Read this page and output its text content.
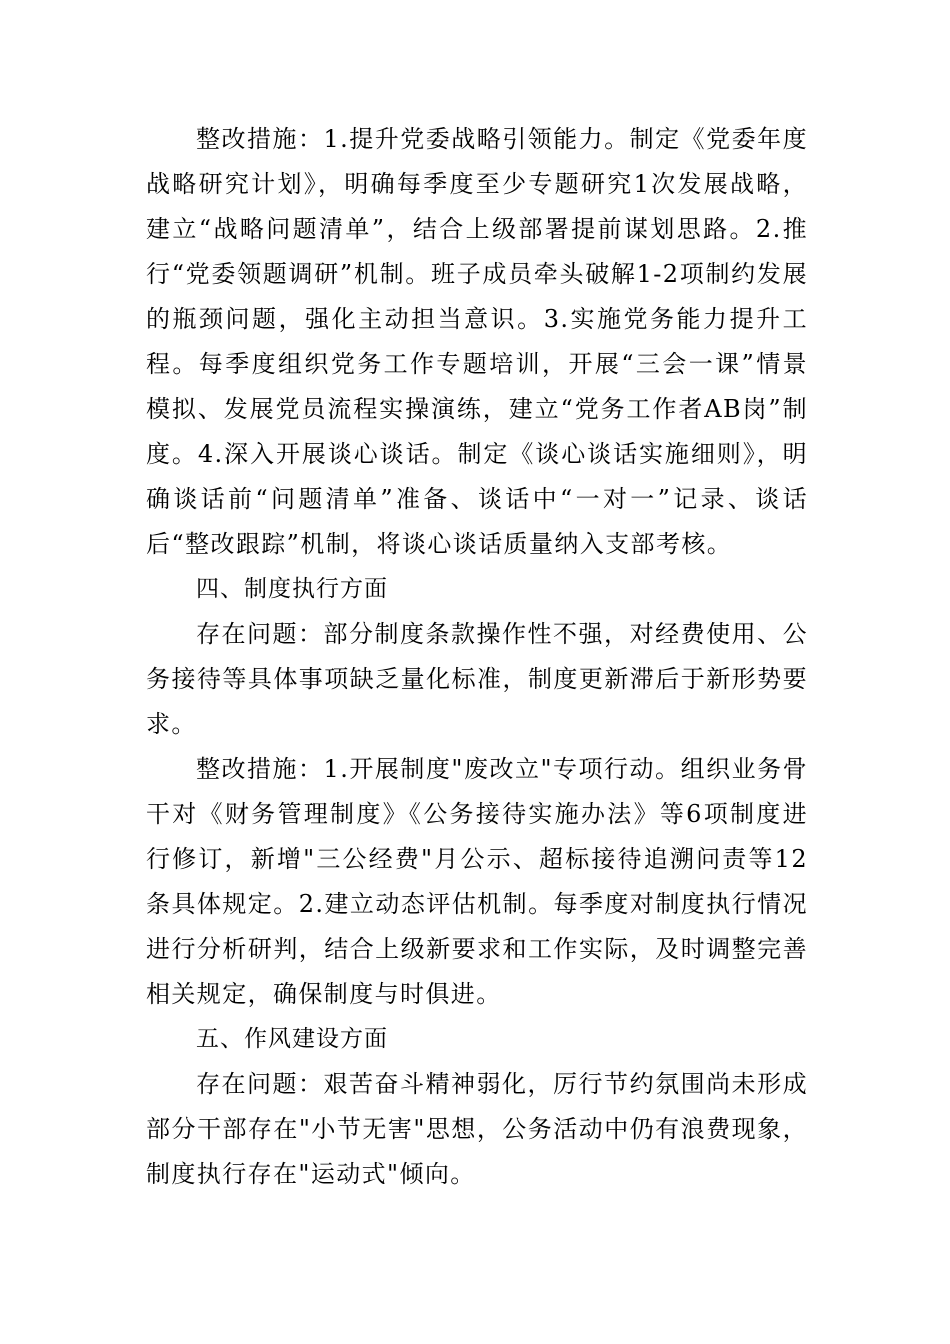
整改措施：1.提升党委战略引领能力。制定《党委年度战略研究计划》，明确每季度至少专题研究1次发展战略，建立“战略问题清单”，结合上级部署提前谋划思路。2.推行“党委领题调研”机制。班子成员牵头破解1-2项制约发展的瓶颈问题，强化主动担当意识。3.实施党务能力提升工程。每季度组织党务工作专题培训，开展“三会一课”情景模拟、发展党员流程实操演练，建立“党务工作者AB岗”制度。4.深入开展谈心谈话。制定《谈心谈话实施细则》，明确谈话前“问题清单”准备、谈话中“一对一”记录、谈话后“整改跟踪”机制，将谈心谈话质量纳入支部考核。

四、制度执行方面

存在问题：部分制度条款操作性不强，对经费使用、公务接待等具体事项缺乏量化标准，制度更新滞后于新形势要求。

整改措施：1.开展制度"废改立"专项行动。组织业务骨干对《财务管理制度》《公务接待实施办法》等6项制度进行修订，新增"三公经费"月公示、超标接待追溯问责等12条具体规定。2.建立动态评估机制。每季度对制度执行情况进行分析研判，结合上级新要求和工作实际，及时调整完善相关规定，确保制度与时俱进。

五、作风建设方面

存在问题：艰苦奋斗精神弱化，厉行节约氛围尚未形成部分干部存在"小节无害"思想，公务活动中仍有浪费现象，制度执行存在"运动式"倾向。
